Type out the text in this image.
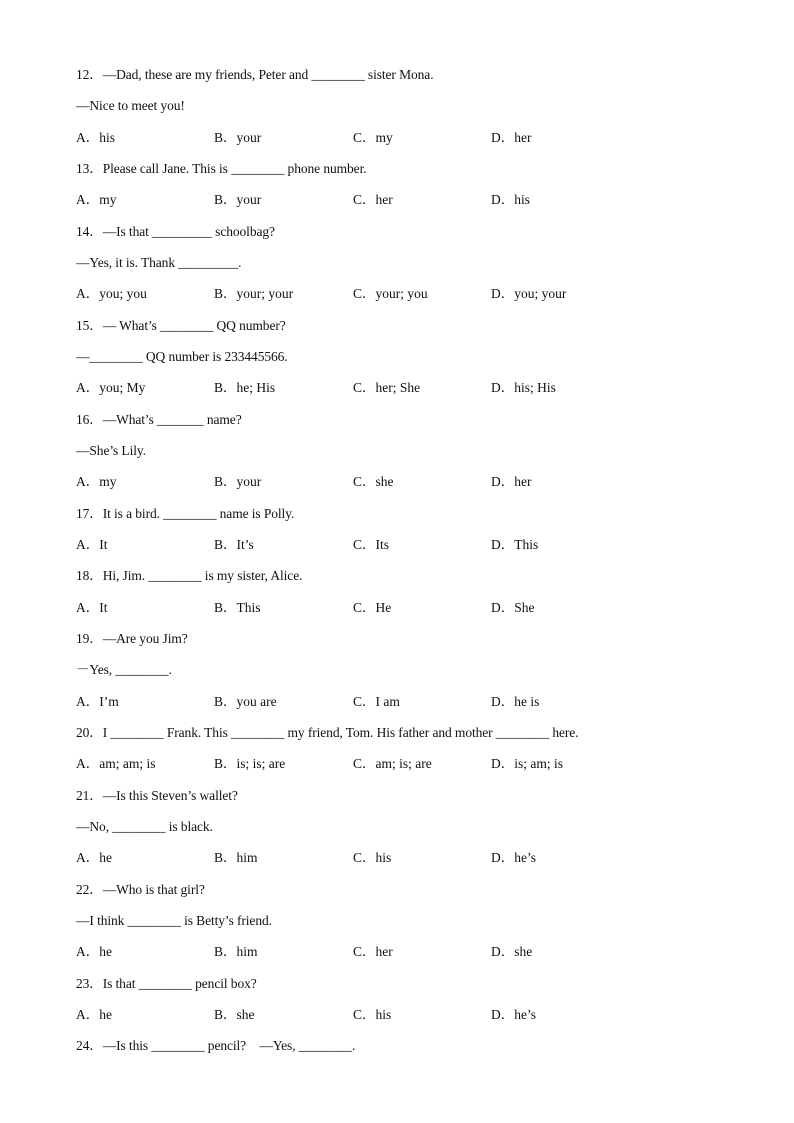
12．—Dad, these are my friends, Peter and ________ sister Mona.
—Nice to meet you!
A．his	B．your	C．my	D．her
13．Please call Jane. This is ________ phone number.
A．my	B．your	C．her	D．his
14．—Is that _________ schoolbag?
—Yes, it is. Thank _________.
A．you; you	B．your; your	C．your; you	D．you; your
15．— What’s ________ QQ number?
—________ QQ number is 233445566.
A．you; My	B．he; His	C．her; She	D．his; His
16．—What’s _______ name?
—She’s Lily.
A．my	B．your	C．she	D．her
17．It is a bird. ________ name is Polly.
A．It	B．It’s	C．Its	D．This
18．Hi, Jim. ________ is my sister, Alice.
A．It	B．This	C．He	D．She
19．—Are you Jim?
－Yes, ________.
A．I’m	B．you are	C．I am	D．he is
20．I ________ Frank. This ________ my friend, Tom. His father and mother ________ here.
A．am; am; is	B．is; is; are	C．am; is; are	D．is; am; is
21．—Is this Steven’s wallet?
—No, ________ is black.
A．he	B．him	C．his	D．he’s
22．—Who is that girl?
—I think ________ is Betty’s friend.
A．he	B．him	C．her	D．she
23．Is that ________ pencil box?
A．he	B．she	C．his	D．he’s
24．—Is this ________ pencil?　—Yes, ________.
